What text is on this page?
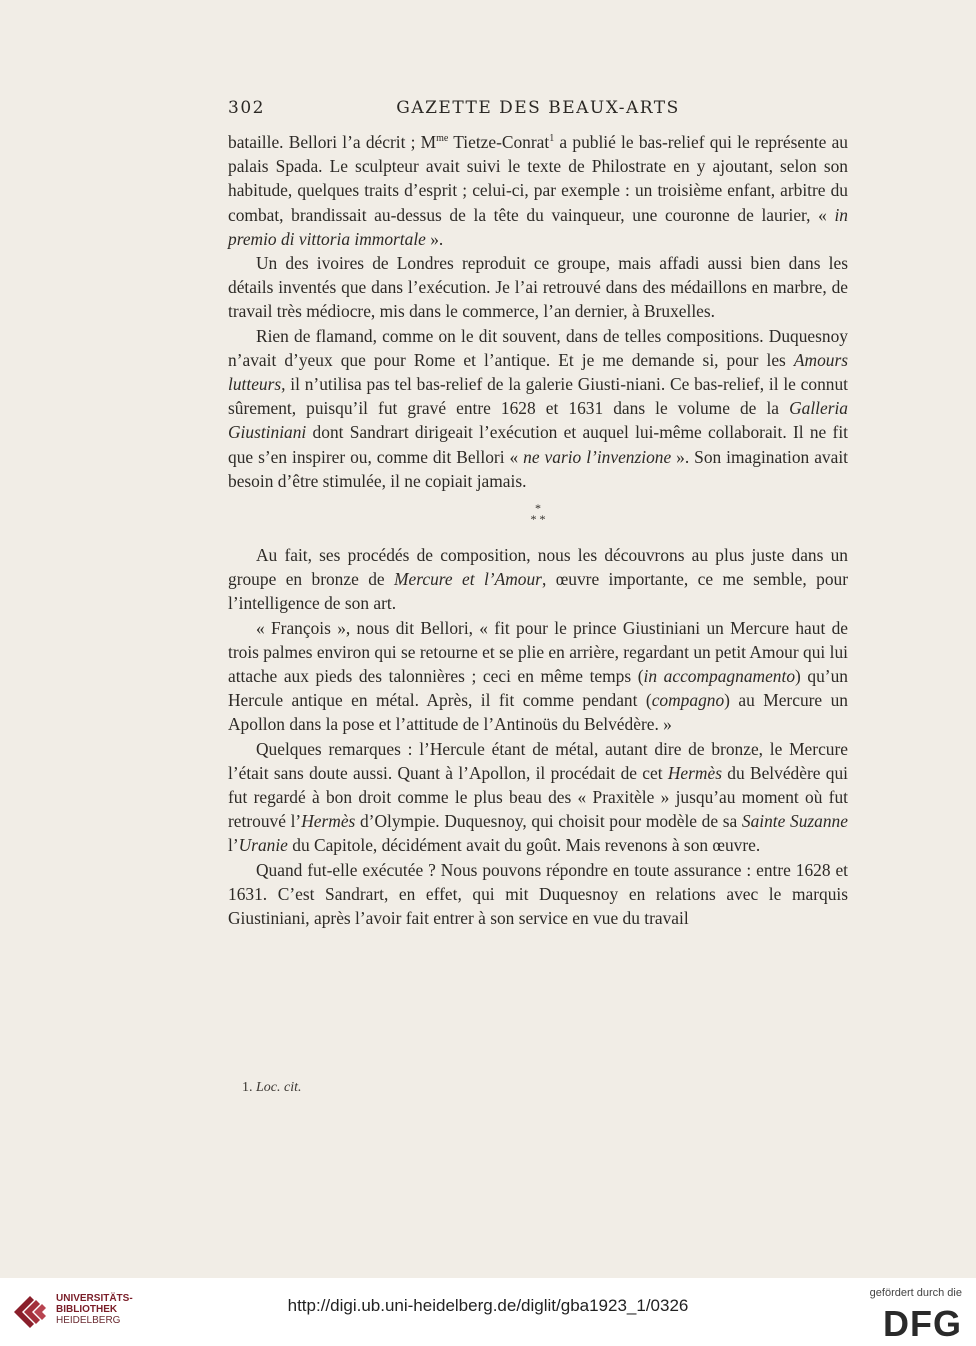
302	GAZETTE DES BEAUX-ARTS

bataille. Bellori l’a décrit ; $M^{me}$ Tietze-Conrat$^1$ a publié le bas-relief qui le représente au palais Spada. Le sculpteur avait suivi le texte de Philostrate en y ajoutant, selon son habitude, quelques traits d’esprit ; celui-ci, par exemple : un troisième enfant, arbitre du combat, brandissait au-dessus de la tête du vainqueur, une couronne de laurier, « in premio di vittoria immortale ».

Un des ivoires de Londres reproduit ce groupe, mais affadi aussi bien dans les détails inventés que dans l’exécution. Je l’ai retrouvé dans des médaillons en marbre, de travail très médiocre, mis dans le commerce, l’an dernier, à Bruxelles.

Rien de flamand, comme on le dit souvent, dans de telles compositions. Duquesnoy n’avait d’yeux que pour Rome et l’antique. Et je me demande si, pour les Amours lutteurs, il n’utilisa pas tel bas-relief de la galerie Giusti-niani. Ce bas-relief, il le connut sûrement, puisqu’il fut gravé entre 1628 et 1631 dans le volume de la Galleria Giustiniani dont Sandrart dirigeait l’exécution et auquel lui-même collaborait. Il ne fit que s’en inspirer ou, comme dit Bellori « ne vario l’invenzione ». Son imagination avait besoin d’être stimulée, il ne copiait jamais.

*
* *

Au fait, ses procédés de composition, nous les découvrons au plus juste dans un groupe en bronze de Mercure et l’Amour, œuvre importante, ce me semble, pour l’intelligence de son art.

« François », nous dit Bellori, « fit pour le prince Giustiniani un Mercure haut de trois palmes environ qui se retourne et se plie en arrière, regardant un petit Amour qui lui attache aux pieds des talonnières ; ceci en même temps (in accompagnamento) qu’un Hercule antique en métal. Après, il fit comme pendant (compagno) au Mercure un Apollon dans la pose et l’attitude de l’Antinoüs du Belvédère. »

Quelques remarques : l’Hercule étant de métal, autant dire de bronze, le Mercure l’était sans doute aussi. Quant à l’Apollon, il procédait de cet Hermès du Belvédère qui fut regardé à bon droit comme le plus beau des « Praxitèle » jusqu’au moment où fut retrouvé l’Hermès d’Olympie. Duquesnoy, qui choisit pour modèle de sa Sainte Suzanne l’Uranie du Capitole, décidément avait du goût. Mais revenons à son œuvre.

Quand fut-elle exécutée ? Nous pouvons répondre en toute assurance : entre 1628 et 1631. C’est Sandrart, en effet, qui mit Duquesnoy en relations avec le marquis Giustiniani, après l’avoir fait entrer à son service en vue du travail

1. Loc. cit.
UNIVERSITÄTS-
BIBLIOTHEK
HEIDELBERG
http://digi.ub.uni-heidelberg.de/diglit/gba1923_1/0326
gefördert durch die
DFG
